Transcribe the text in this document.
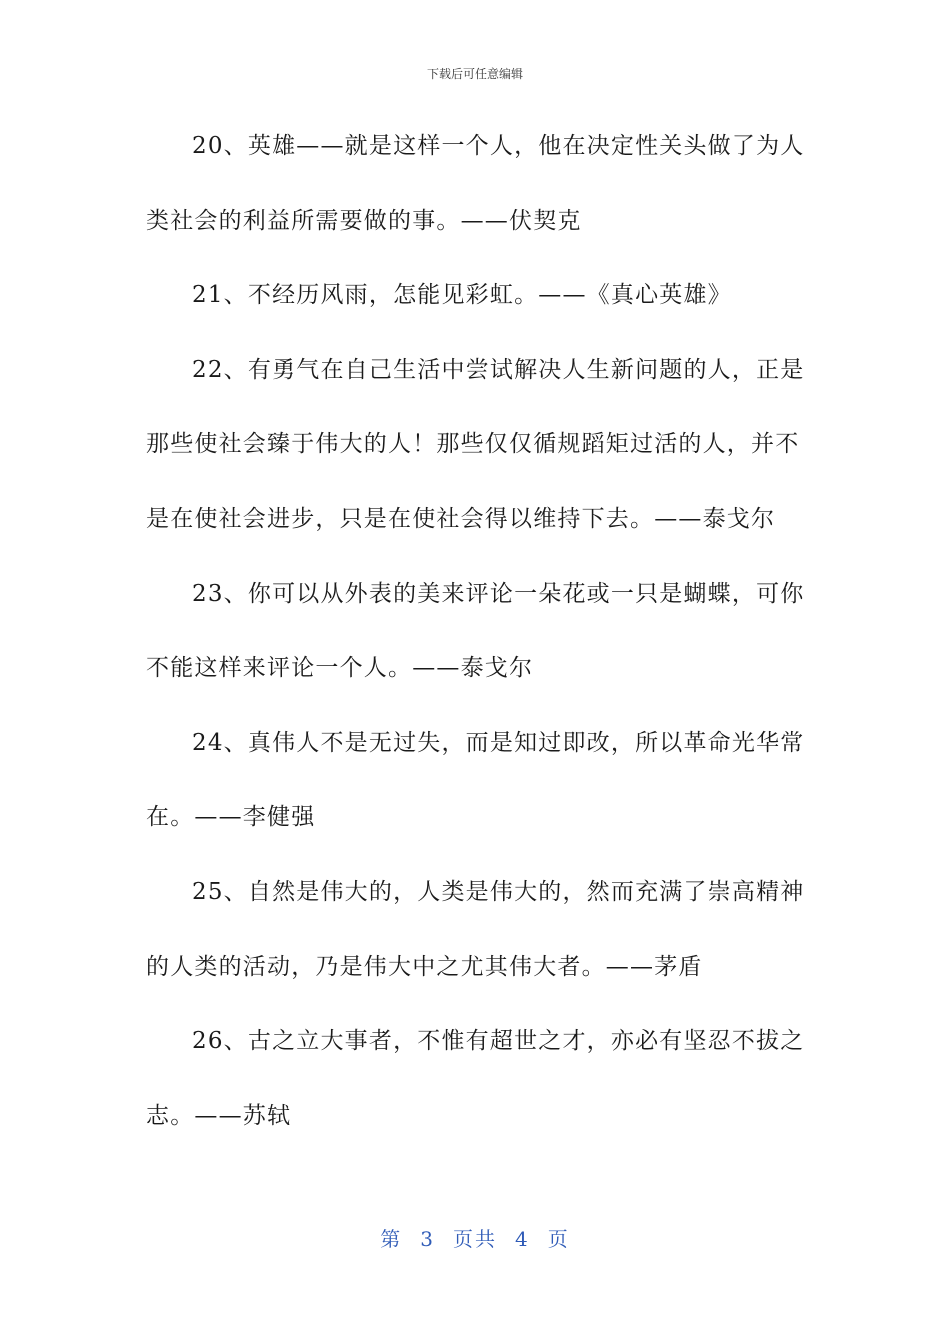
下载后可任意编辑
20、英雄——就是这样一个人，他在决定性关头做了为人
类社会的利益所需要做的事。——伏契克
21、不经历风雨，怎能见彩虹。——《真心英雄》
22、有勇气在自己生活中尝试解决人生新问题的人，正是
那些使社会臻于伟大的人！那些仅仅循规蹈矩过活的人，并不
是在使社会进步，只是在使社会得以维持下去。——泰戈尔
23、你可以从外表的美来评论一朵花或一只是蝴蝶，可你
不能这样来评论一个人。——泰戈尔
24、真伟人不是无过失，而是知过即改，所以革命光华常
在。——李健强
25、自然是伟大的，人类是伟大的，然而充满了崇高精神
的人类的活动，乃是伟大中之尤其伟大者。——茅盾
26、古之立大事者，不惟有超世之才，亦必有坚忍不拔之
志。——苏轼
第 3 页共 4 页
